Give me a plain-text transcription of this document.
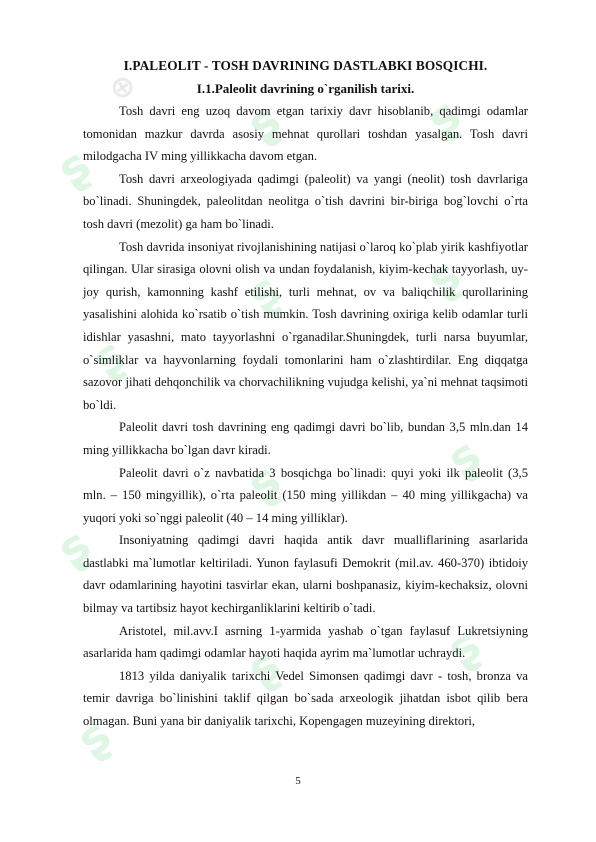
ʂ
⊕
ʂ	ʂ
ʂ
ʂ	ʂ
ʂ
ʂ	ʂ
ʂ
ʂ	ʂ
I.PALEOLIT - TOSH DAVRINING DASTLABKI BOSQICHI.
I.1.Paleolit davrining o`rganilish tarixi.

Tosh davri eng uzoq davom etgan tarixiy davr hisoblanib, qadimgi odamlar tomonidan mazkur davrda asosiy mehnat qurollari toshdan yasalgan. Tosh davri milodgacha IV ming yillikkacha davom etgan.

Tosh davri arxeologiyada qadimgi (paleolit) va yangi (neolit) tosh davrlariga bo`linadi. Shuningdek, paleolitdan neolitga o`tish davrini bir-biriga bog`lovchi o`rta tosh davri (mezolit) ga ham bo`linadi.

Tosh davrida insoniyat rivojlanishining natijasi o`laroq ko`plab yirik kashfiyotlar qilingan. Ular sirasiga olovni olish va undan foydalanish, kiyim-kechak tayyorlash, uy-joy qurish, kamonning kashf etilishi, turli mehnat, ov va baliqchilik qurollarining yasalishini alohida ko`rsatib o`tish mumkin. Tosh davrining oxiriga kelib odamlar turli idishlar yasashni, mato tayyorlashni o`rganadilar.Shuningdek, turli narsa buyumlar, o`simliklar va hayvonlarning foydali tomonlarini ham o`zlashtirdilar. Eng diqqatga sazovor jihati dehqonchilik va chorvachilikning vujudga kelishi, ya`ni mehnat taqsimoti bo`ldi.

Paleolit davri tosh davrining eng qadimgi davri bo`lib, bundan 3,5 mln.dan 14 ming yillikkacha bo`lgan davr kiradi.

Paleolit davri o`z navbatida 3 bosqichga bo`linadi: quyi yoki ilk paleolit (3,5 mln. – 150 mingyillik), o`rta paleolit (150 ming yillikdan – 40 ming yillikgacha) va yuqori yoki so`nggi paleolit (40 – 14 ming yilliklar).

Insoniyatning qadimgi davri haqida antik davr mualliflarining asarlarida dastlabki ma`lumotlar keltiriladi. Yunon faylasufi Demokrit (mil.av. 460-370) ibtidoiy davr odamlarining hayotini tasvirlar ekan, ularni boshpanasiz, kiyim-kechaksiz, olovni bilmay va tartibsiz hayot kechirganliklarini keltirib o`tadi.

Aristotel, mil.avv.I asrning 1-yarmida yashab o`tgan faylasuf Lukretsiyning asarlarida ham qadimgi odamlar hayoti haqida ayrim ma`lumotlar uchraydi.

1813 yilda daniyalik tarixchi Vedel Simonsen qadimgi davr - tosh, bronza va temir davriga bo`linishini taklif qilgan bo`sada arxeologik jihatdan isbot qilib bera olmagan. Buni yana bir daniyalik tarixchi, Kopengagen muzeyining direktori,

5
